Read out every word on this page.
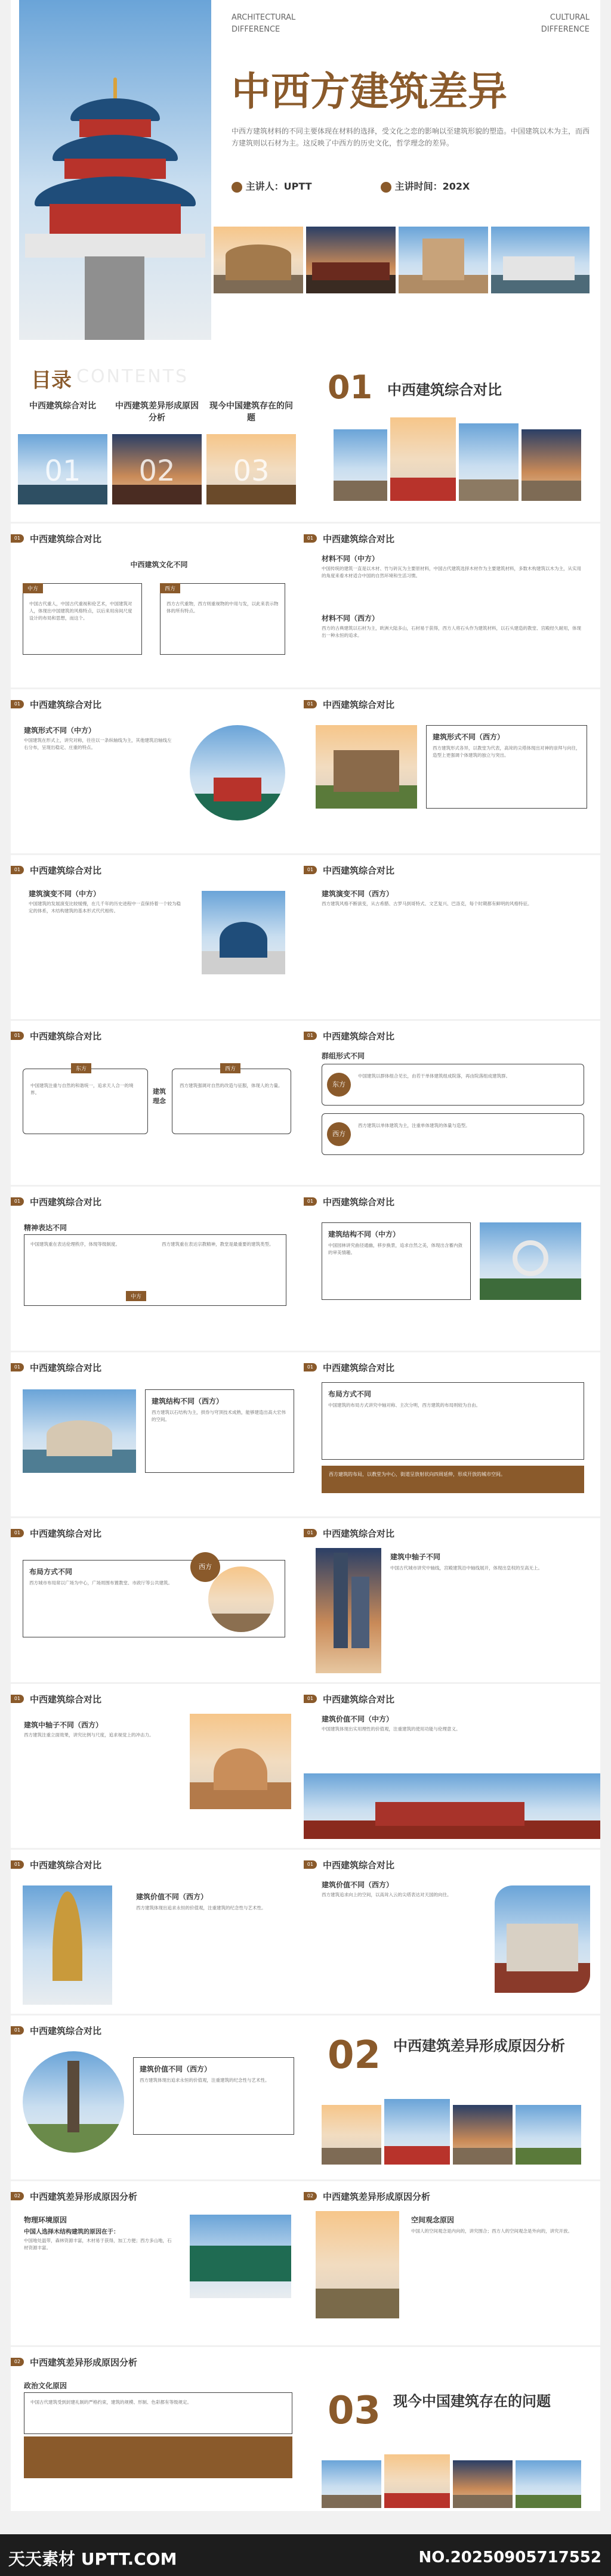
ARCHITECTURAL
DIFFERENCE
CULTURAL
DIFFERENCE
中西方建筑差异
中西方建筑材料的不同主要体现在材料的选择，受文化之恋的影响以至建筑形貌的塑造。中国建筑以木为主，而西方建筑则以石材为主。这反映了中西方的历史文化，哲学理念的差异。
主讲人：UPTT	主讲时间：202X
目录 CONTENTS
中西建筑综合对比
01
中西建筑差异形成原因分析
02
现今中国建筑存在的问题
03
01 中西建筑综合对比
01	中西建筑综合对比
中西建筑文化不同
中方
中国古代重人，中国古代重视和伦艺术，中国建筑对人，体现出中国建筑的风格特点，以后来用房间尺度设计的布局和思想，而这个。
西方
西方古代重物，西方则重视物的中用与发，以此来表示物体的所有特点。
01	中西建筑综合对比
材料不同（中方）
中国传统的建筑一直是以木材、竹与砖瓦为主要原材料，中国古代建筑选择木材作为主要建筑材料，多数木构建筑以木为主，从实用的角度来看木材适合中国的自然环境和生活习惯。
材料不同（西方）
西方的古典建筑以石材为主，欧洲大陆多山，石材易于获得，西方人将石头作为建筑材料，以石头建造的教堂、宫殿经久耐用，体现出一种永恒的追求。
01	中西建筑综合对比
建筑形式不同（中方）
中国建筑在形式上，讲究对称，往往以一条纵轴线为主，其他建筑沿轴线左右分布，呈现出稳定、庄重的特点。
01	中西建筑综合对比
建筑形式不同（西方）
西方建筑形式各异，以教堂为代表，高耸的尖塔体现出对神的崇拜与向往，造型上更强调个体建筑的独立与突出。
01	中西建筑综合对比
建筑演变不同（中方）
中国建筑的发展演变比较缓慢，在几千年的历史进程中一直保持着一个较为稳定的体系，木结构建筑的基本形式代代相传。
01	中西建筑综合对比
建筑演变不同（西方）
西方建筑风格不断演变，从古希腊、古罗马到哥特式、文艺复兴、巴洛克，每个时期都有鲜明的风格特征。
01	中西建筑综合对比
东方
中国建筑注重与自然的和谐统一，追求天人合一的境界。	建筑
理念
西方
西方建筑强调对自然的改造与征服，体现人的力量。
01	中西建筑综合对比
群组形式不同
东方
中国建筑以群体组合见长，由若干单体建筑组成院落，再由院落组成建筑群。
西方
西方建筑以单体建筑为主，注重单体建筑的体量与造型。
01	中西建筑综合对比
精神表达不同
中国建筑重在表达伦理秩序，体现等级制度。	西方建筑重在表达宗教精神，教堂是最重要的建筑类型。
中方
01	中西建筑综合对比
建筑结构不同（中方）
中国园林讲究曲径通幽，移步换景，追求自然之美，体现出含蓄内敛的审美情趣。
01	中西建筑综合对比
建筑结构不同（西方）
西方建筑以石结构为主，拱券与穹顶技术成熟，能够建造出高大宏伟的空间。
01	中西建筑综合对比
布局方式不同
中国建筑的布局方式讲究中轴对称、主次分明，西方建筑的布局则较为自由。
西方建筑的布局，以教堂为中心，街道呈放射状向四周延伸，形成开放的城市空间。
01	中西建筑综合对比
布局方式不同
西方城市布局常以广场为中心，广场周围布置教堂、市政厅等公共建筑。
西方
01	中西建筑综合对比
建筑中轴子不同
中国古代城市讲究中轴线，宫殿建筑沿中轴线展开，体现出皇权的至高无上。
01	中西建筑综合对比
建筑中轴子不同（西方）
西方建筑注重立面效果，讲究比例与尺度，追求视觉上的冲击力。
01	中西建筑综合对比
建筑价值不同（中方）
中国建筑体现出实用理性的价值观，注重建筑的使用功能与伦理意义。
01	中西建筑综合对比
建筑价值不同（西方）
西方建筑体现出追求永恒的价值观，注重建筑的纪念性与艺术性。
01	中西建筑综合对比
建筑价值不同（西方）
西方建筑追求向上的空间，以高耸入云的尖塔表达对天国的向往。
01	中西建筑综合对比
建筑价值不同（西方）
西方建筑体现出追求永恒的价值观，注重建筑的纪念性与艺术性。
02 中西建筑差异形成原因分析
02	中西建筑差异形成原因分析
物理环境原因
中国人选择木结构建筑的原因在于：
中国地处温带，森林资源丰富，木材易于获得，加工方便；西方多山地，石材资源丰富。
02	中西建筑差异形成原因分析
空间观念原因
中国人的空间观念是内向的，讲究围合；西方人的空间观念是外向的，讲究开放。
02	中西建筑差异形成原因分析
政治文化原因
中国古代建筑受到封建礼制的严格约束，建筑的规模、形制、色彩都有等级规定。	03 现今中国建筑存在的问题
天天素材 UPTT.COM	NO.20250905717552
